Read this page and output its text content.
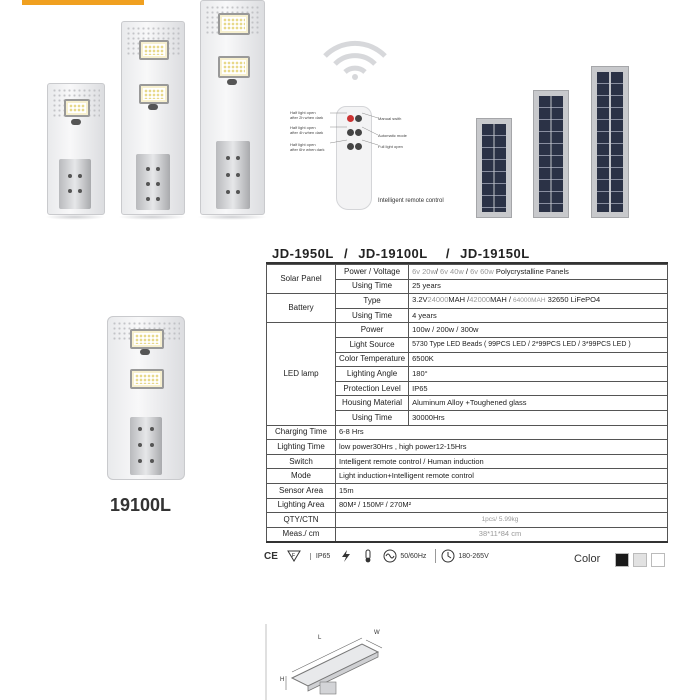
Half light open
after 2h when dark
Half light open
after 4h when dark
Half light open
after 6hr when dark
Manual swith
Automatic mode
Full light open
Intelligent remote control
JD-1950L / JD-19100L / JD-19150L
Solar Panel	Power / Voltage	6v 20w/ 6v 40w / 6v 60w Polycrystalline Panels
	Using Time	25 years
Battery	Type	3.2V24000MAH /42000MAH / 64000MAH 32650 LiFePO4
	Using Time	4 years
LED lamp	Power	100w / 200w / 300w
	Light Source	5730 Type LED Beads ( 99PCS LED / 2*99PCS LED / 3*99PCS LED )
	Color Temperature	6500K
	Lighting Angle	180°
	Protection Level	IP65
	Housing Material	Aluminum Alloy +Toughened glass
	Using Time	30000Hrs
Charging Time	6-8 Hrs	
Lighting Time	low power30Hrs , high power12-15Hrs	
Switch	Intelligent remote control / Human induction	
Mode	Light induction+Intelligent remote control	
Sensor Area	15m	
Lighting Area	80M² / 150M² / 270M²	
QTY/CTN	1pcs/ 5.99kg	
Meas./ cm	38*11*84 cm	
19100L
CE	F	IP65	50/60Hz	180-265V	Color
L
W
H
